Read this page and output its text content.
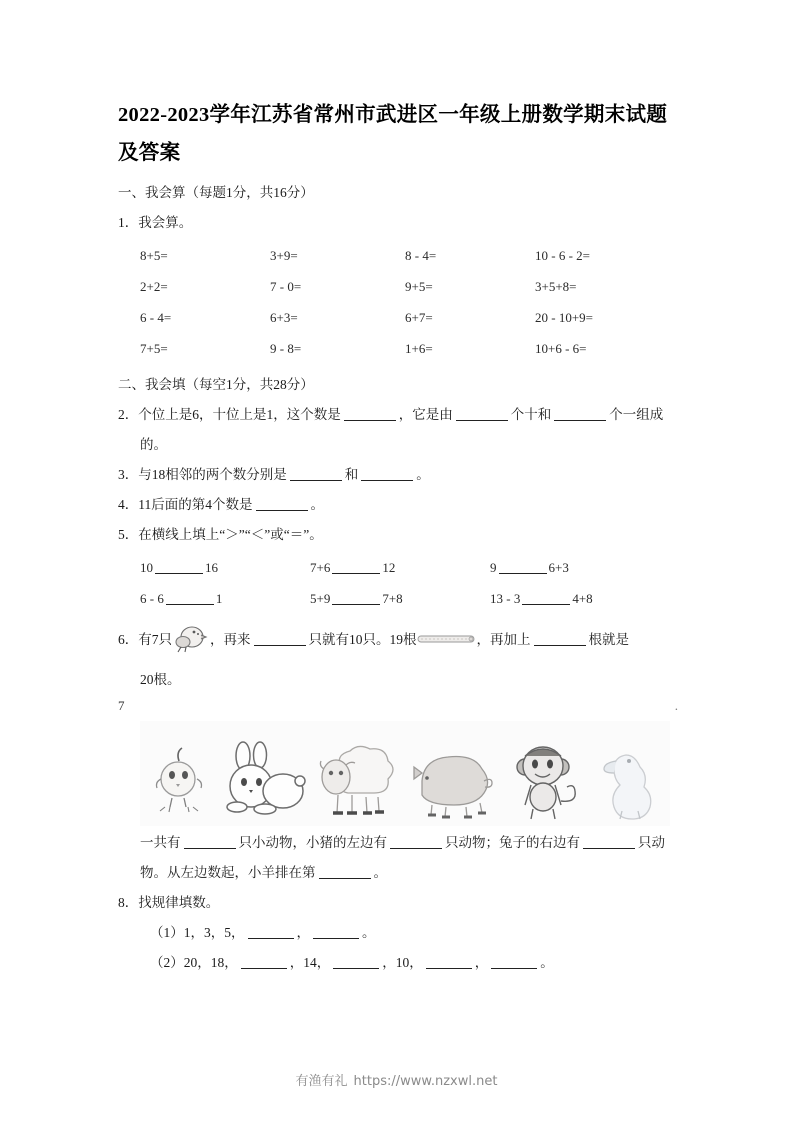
2022-2023学年江苏省常州市武进区一年级上册数学期末试题及答案
一、我会算（每题1分，共16分）
1．我会算。
8+5=	3+9=	8 - 4=	10 - 6 - 2=
2+2=	7 - 0=	9+5=	3+5+8=
6 - 4=	6+3=	6+7=	20 - 10+9=
7+5=	9 - 8=	1+6=	10+6 - 6=
二、我会填（每空1分，共28分）
2．个位上是6，十位上是1，这个数是	，它是由	个十和	个一组成
的。
3．与18相邻的两个数分别是	和	。
4．11后面的第4个数是	。
5．在横线上填上“＞”“＜”或“＝”。
10	16	7+6	12	9	6+3
6 - 6	1	5+9	7+8	13 - 3	4+8
6．有7只	，再来	只就有10只。19根	，再加上	根就是
20根。
7	.
一共有	只小动物，小猪的左边有	只动物；兔子的右边有	只动
物。从左边数起，小羊排在第	。
8．找规律填数。
（1）1，3，5，	，	。
（2）20，18，	，14，	，10，	，	。
有渔有礼 https://www.nzxwl.net
